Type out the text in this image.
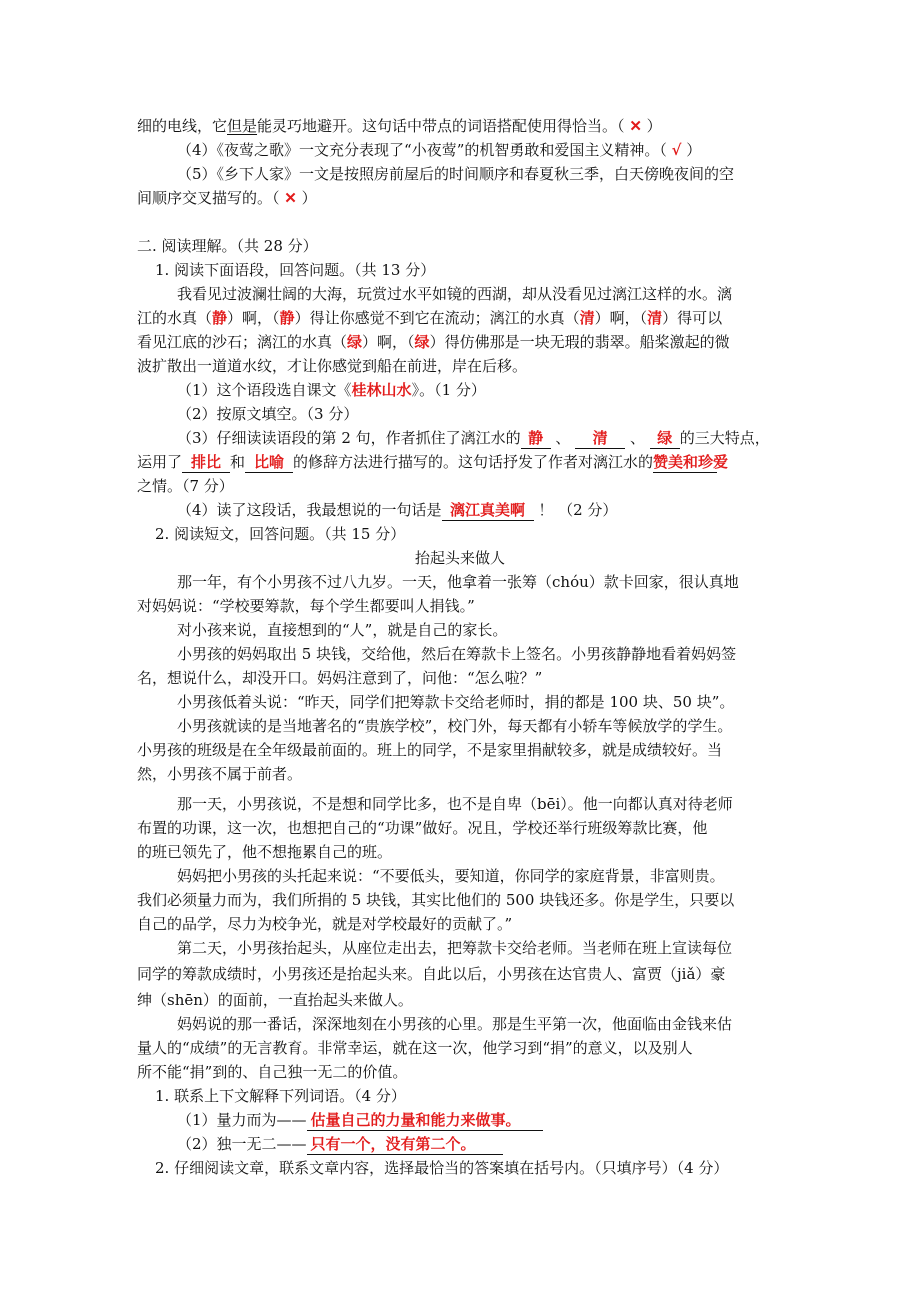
细的电线，它但是能灵巧地避开。这句话中带点的词语搭配使用得恰当。（ ✕ ）
（4）《夜莺之歌》一文充分表现了“小夜莺”的机智勇敢和爱国主义精神。（ √ ）
（5）《乡下人家》一文是按照房前屋后的时间顺序和春夏秋三季，白天傍晚夜间的空
间顺序交叉描写的。（ ✕ ）
二. 阅读理解。（共 28 分）
1. 阅读下面语段，回答问题。（共 13 分）
我看见过波澜壮阔的大海，玩赏过水平如镜的西湖，却从没看见过漓江这样的水。漓
江的水真（静）啊，（静）得让你感觉不到它在流动；漓江的水真（清）啊，（清）得可以
看见江底的沙石；漓江的水真（绿）啊，（绿）得仿佛那是一块无瑕的翡翠。船桨激起的微
波扩散出一道道水纹，才让你感觉到船在前进，岸在后移。
（1）这个语段选自课文《桂林山水》。（1 分）
（2）按原文填空。（3 分）
（3）仔细读读语段的第 2 句，作者抓住了漓江水的 静 、 清 、 绿 的三大特点，
运用了 排比 和 比喻 的修辞方法进行描写的。这句话抒发了作者对漓江水的赞美和珍爱
之情。（7 分）
（4）读了这段话，我最想说的一句话是 漓江真美啊 ！ （2 分）
2. 阅读短文，回答问题。（共 15 分）
抬起头来做人
那一年，有个小男孩不过八九岁。一天，他拿着一张筹（chóu）款卡回家，很认真地
对妈妈说：“学校要筹款，每个学生都要叫人捐钱。”
对小孩来说，直接想到的“人”，就是自己的家长。
小男孩的妈妈取出 5 块钱，交给他，然后在筹款卡上签名。小男孩静静地看着妈妈签
名，想说什么，却没开口。妈妈注意到了，问他：“怎么啦？”
小男孩低着头说：“昨天，同学们把筹款卡交给老师时，捐的都是 100 块、50 块”。
小男孩就读的是当地著名的“贵族学校”，校门外，每天都有小轿车等候放学的学生。
小男孩的班级是在全年级最前面的。班上的同学，不是家里捐献较多，就是成绩较好。当
然，小男孩不属于前者。
那一天，小男孩说，不是想和同学比多，也不是自卑（bēi）。他一向都认真对待老师
布置的功课，这一次，也想把自己的“功课”做好。况且，学校还举行班级筹款比赛，他
的班已领先了，他不想拖累自己的班。
妈妈把小男孩的头托起来说：“不要低头，要知道，你同学的家庭背景，非富则贵。
我们必须量力而为，我们所捐的 5 块钱，其实比他们的 500 块钱还多。你是学生，只要以
自己的品学，尽力为校争光，就是对学校最好的贡献了。”
第二天，小男孩抬起头，从座位走出去，把筹款卡交给老师。当老师在班上宣读每位
同学的筹款成绩时，小男孩还是抬起头来。自此以后，小男孩在达官贵人、富贾（jiǎ）豪
绅（shēn）的面前，一直抬起头来做人。
妈妈说的那一番话，深深地刻在小男孩的心里。那是生平第一次，他面临由金钱来估
量人的“成绩”的无言教育。非常幸运，就在这一次，他学习到“捐”的意义，以及别人
所不能“捐”到的、自己独一无二的价值。
1. 联系上下文解释下列词语。（4 分）
（1）量力而为—— 估量自己的力量和能力来做事。
（2）独一无二—— 只有一个，没有第二个。
2. 仔细阅读文章，联系文章内容，选择最恰当的答案填在括号内。（只填序号）（4 分）
